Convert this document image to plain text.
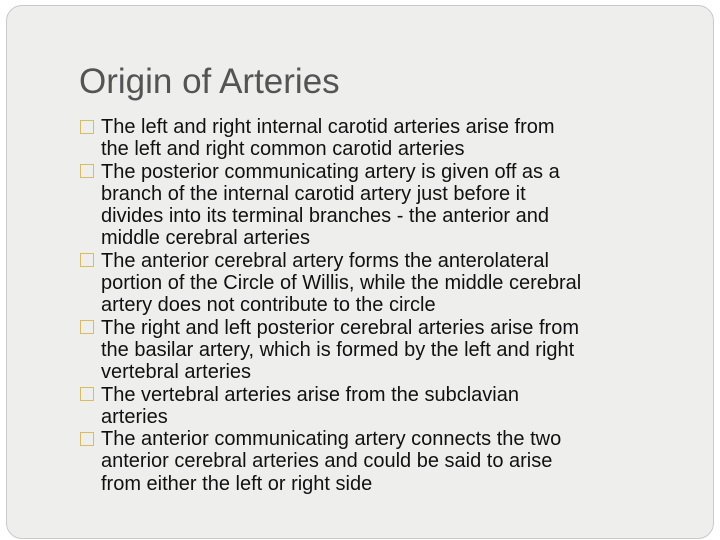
Origin of Arteries
The left and right internal carotid arteries arise from
the left and right common carotid arteries
The posterior communicating artery is given off as a
branch of the internal carotid artery just before it
divides into its terminal branches - the anterior and
middle cerebral arteries
The anterior cerebral artery forms the anterolateral
portion of the Circle of Willis, while the middle cerebral
artery does not contribute to the circle
The right and left posterior cerebral arteries arise from
the basilar artery, which is formed by the left and right
vertebral arteries
The vertebral arteries arise from the subclavian
arteries
The anterior communicating artery connects the two
anterior cerebral arteries and could be said to arise
from either the left or right side
